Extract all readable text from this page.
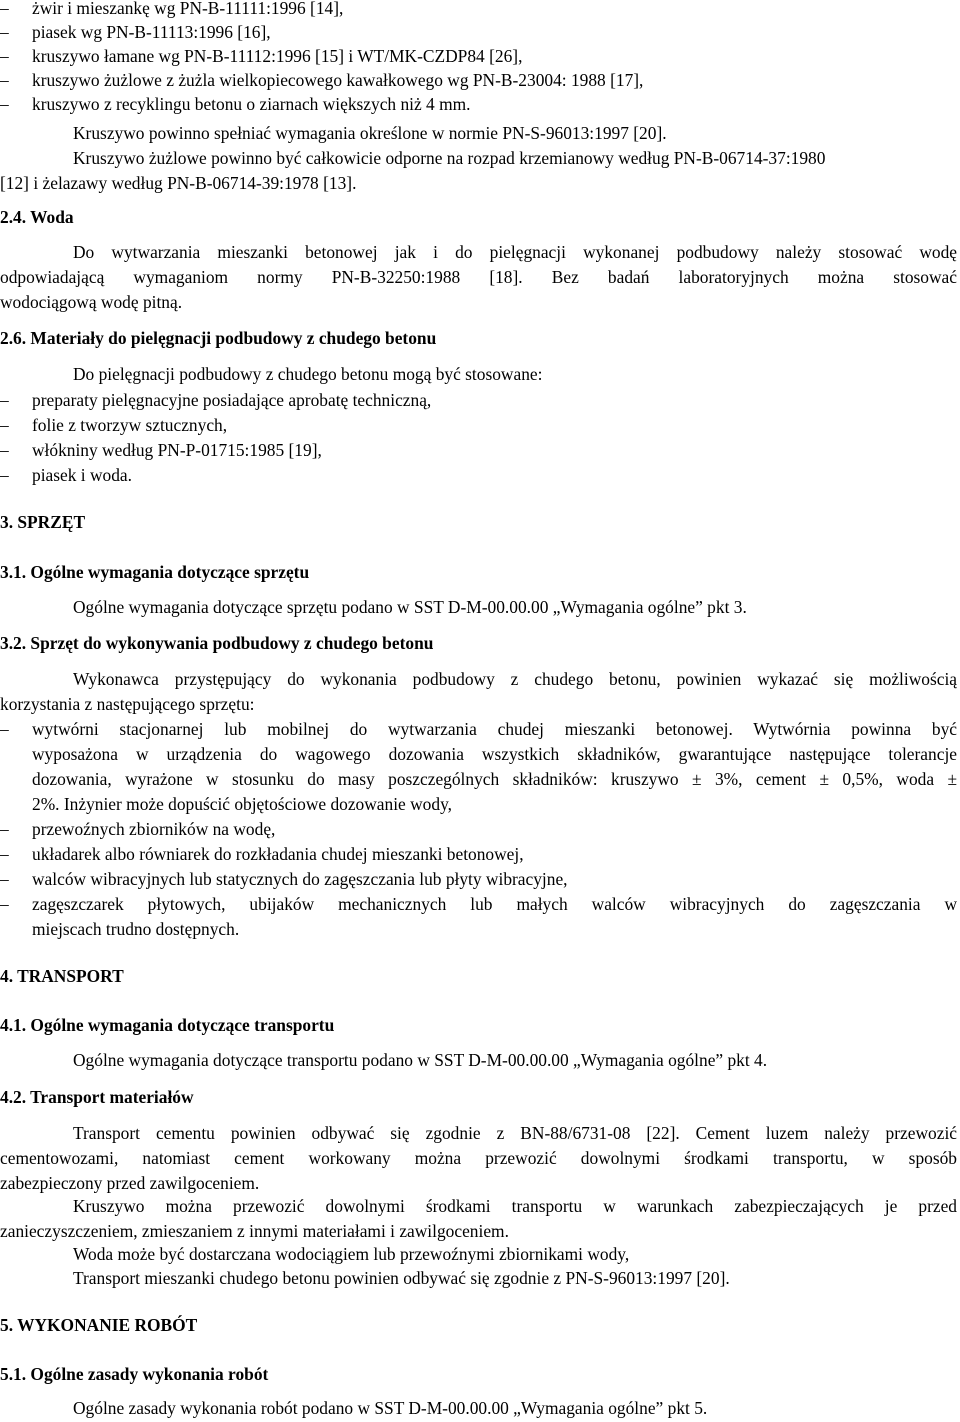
– żwir i mieszankę wg PN-B-11111:1996 [14],
– piasek wg PN-B-11113:1996 [16],
– kruszywo łamane wg PN-B-11112:1996 [15] i WT/MK-CZDP84 [26],
– kruszywo żużlowe z żużla wielkopiecowego kawałkowego wg PN-B-23004: 1988 [17],
– kruszywo z recyklingu betonu o ziarnach większych niż 4 mm.
Kruszywo powinno spełniać wymagania określone w normie PN-S-96013:1997 [20].
Kruszywo żużlowe powinno być całkowicie odporne na rozpad krzemianowy według PN-B-06714-37:1980
[12] i żelazawy według PN-B-06714-39:1978 [13].
2.4. Woda
Do wytwarzania mieszanki betonowej jak i do pielęgnacji wykonanej podbudowy należy stosować wodę
odpowiadającą wymaganiom normy PN-B-32250:1988 [18]. Bez badań laboratoryjnych można stosować
wodociągową wodę pitną.
2.6. Materiały do pielęgnacji podbudowy z chudego betonu
Do pielęgnacji podbudowy z chudego betonu mogą być stosowane:
– preparaty pielęgnacyjne posiadające aprobatę techniczną,
– folie z tworzyw sztucznych,
– włókniny według PN-P-01715:1985 [19],
– piasek i woda.
3. SPRZĘT
3.1. Ogólne wymagania dotyczące sprzętu
Ogólne wymagania dotyczące sprzętu podano w SST D-M-00.00.00 „Wymagania ogólne” pkt 3.
3.2. Sprzęt do wykonywania podbudowy z chudego betonu
Wykonawca przystępujący do wykonania podbudowy z chudego betonu, powinien wykazać się możliwością
korzystania z następującego sprzętu:
– wytwórni stacjonarnej lub mobilnej do wytwarzania chudej mieszanki betonowej. Wytwórnia powinna być
wyposażona w urządzenia do wagowego dozowania wszystkich składników, gwarantujące następujące tolerancje
dozowania, wyrażone w stosunku do masy poszczególnych składników: kruszywo ± 3%, cement ± 0,5%, woda ±
2%. Inżynier może dopuścić objętościowe dozowanie wody,
– przewoźnych zbiorników na wodę,
– układarek albo równiarek do rozkładania chudej mieszanki betonowej,
– walców wibracyjnych lub statycznych do zagęszczania lub płyty wibracyjne,
– zagęszczarek płytowych, ubijaków mechanicznych lub małych walców wibracyjnych do zagęszczania w
miejscach trudno dostępnych.
4. TRANSPORT
4.1. Ogólne wymagania dotyczące transportu
Ogólne wymagania dotyczące transportu podano w SST D-M-00.00.00 „Wymagania ogólne” pkt 4.
4.2. Transport materiałów
Transport cementu powinien odbywać się zgodnie z BN-88/6731-08 [22]. Cement luzem należy przewozić
cementowozami, natomiast cement workowany można przewozić dowolnymi środkami transportu, w sposób
zabezpieczony przed zawilgoceniem.
Kruszywo można przewozić dowolnymi środkami transportu w warunkach zabezpieczających je przed
zanieczyszczeniem, zmieszaniem z innymi materiałami i zawilgoceniem.
Woda może być dostarczana wodociągiem lub przewoźnymi zbiornikami wody,
Transport mieszanki chudego betonu powinien odbywać się zgodnie z PN-S-96013:1997 [20].
5. WYKONANIE ROBÓT
5.1. Ogólne zasady wykonania robót
Ogólne zasady wykonania robót podano w SST D-M-00.00.00 „Wymagania ogólne” pkt 5.
